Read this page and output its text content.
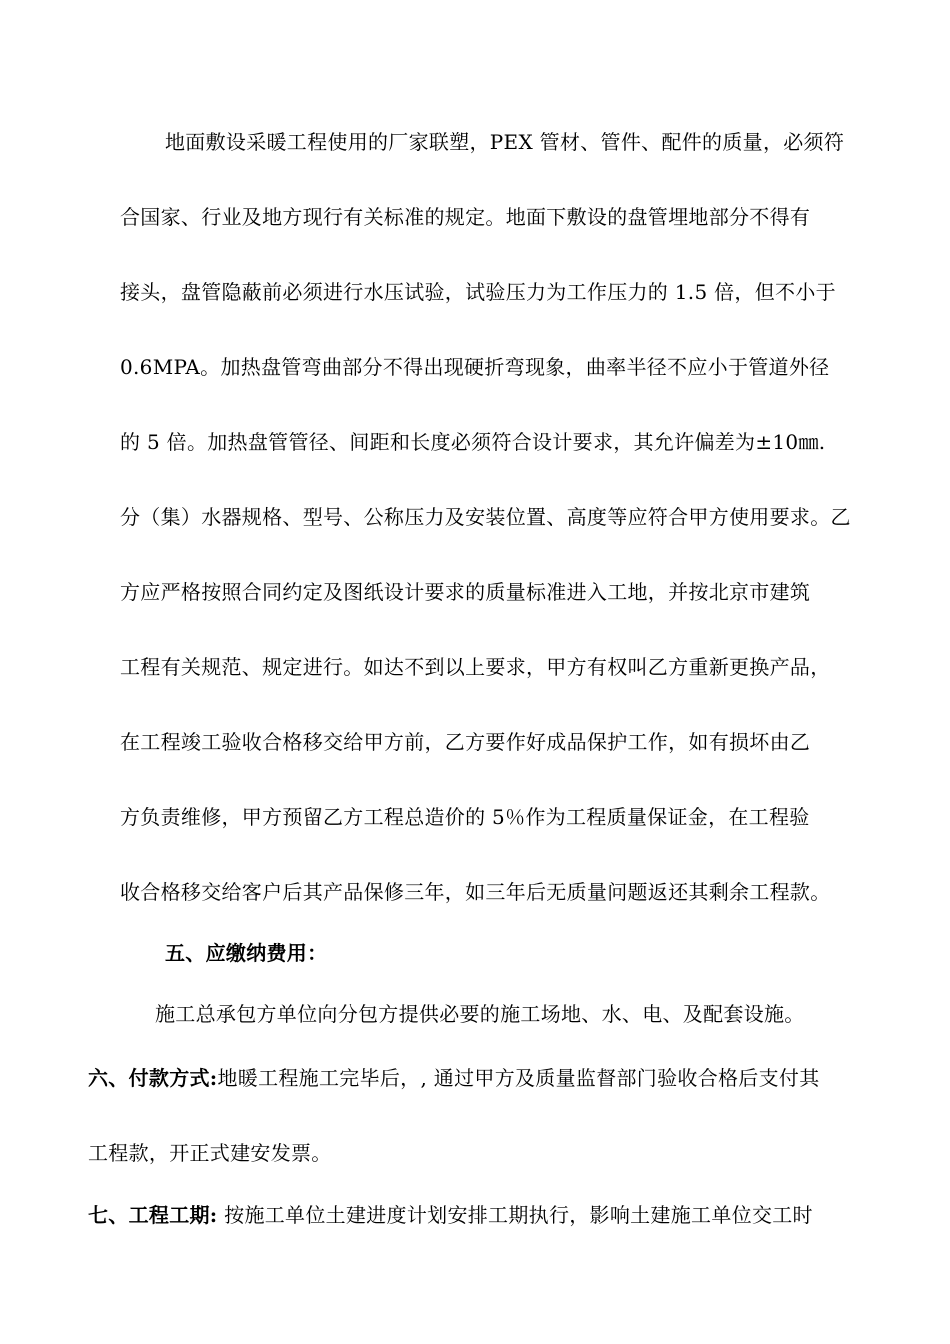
地面敷设采暖工程使用的厂家联塑，PEX 管材、管件、配件的质量，必须符
合国家、行业及地方现行有关标准的规定。地面下敷设的盘管埋地部分不得有
接头，盘管隐蔽前必须进行水压试验，试验压力为工作压力的 1.5 倍，但不小于
0.6MPA。加热盘管弯曲部分不得出现硬折弯现象，曲率半径不应小于管道外径
的 5 倍。加热盘管管径、间距和长度必须符合设计要求，其允许偏差为±10㎜.
分（集）水器规格、型号、公称压力及安装位置、高度等应符合甲方使用要求。乙
方应严格按照合同约定及图纸设计要求的质量标准进入工地，并按北京市建筑
工程有关规范、规定进行。如达不到以上要求，甲方有权叫乙方重新更换产品，
在工程竣工验收合格移交给甲方前，乙方要作好成品保护工作，如有损坏由乙
方负责维修，甲方预留乙方工程总造价的 5％作为工程质量保证金，在工程验
收合格移交给客户后其产品保修三年，如三年后无质量问题返还其剩余工程款。
五、应缴纳费用：
施工总承包方单位向分包方提供必要的施工场地、水、电、及配套设施。
六、付款方式:地暖工程施工完毕后，, 通过甲方及质量监督部门验收合格后支付其
工程款，开正式建安发票。
七、工程工期: 按施工单位土建进度计划安排工期执行，影响土建施工单位交工时
